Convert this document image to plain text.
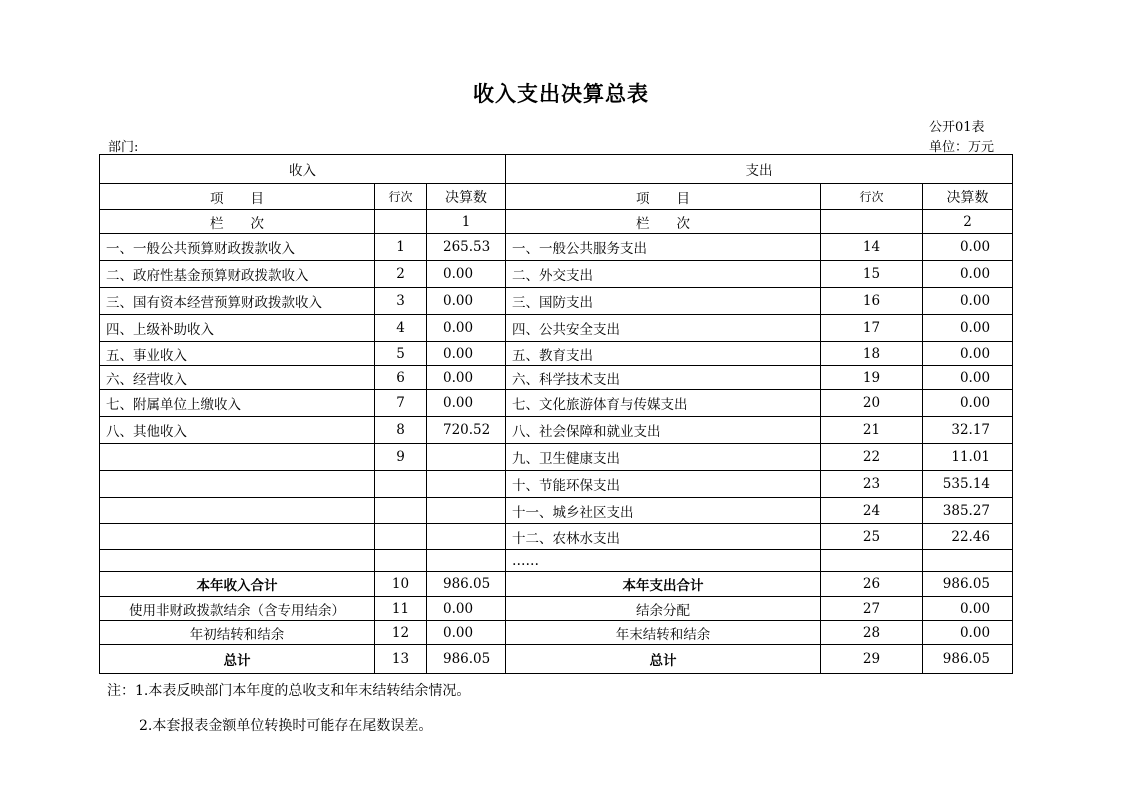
收入支出决算总表
公开01表
部门:	单位：万元
收入			支出		
项　　目	行次	决算数	项　　目	行次	决算数
栏　　次		1	栏　　次		2
一、一般公共预算财政拨款收入	1	265.53	一、一般公共服务支出	14	0.00
二、政府性基金预算财政拨款收入	2	0.00	二、外交支出	15	0.00
三、国有资本经营预算财政拨款收入	3	0.00	三、国防支出	16	0.00
四、上级补助收入	4	0.00	四、公共安全支出	17	0.00
五、事业收入	5	0.00	五、教育支出	18	0.00
六、经营收入	6	0.00	六、科学技术支出	19	0.00
七、附属单位上缴收入	7	0.00	七、文化旅游体育与传媒支出	20	0.00
八、其他收入	8	720.52	八、社会保障和就业支出	21	32.17
	9		九、卫生健康支出	22	11.01
			十、节能环保支出	23	535.14
			十一、城乡社区支出	24	385.27
			十二、农林水支出	25	22.46
			……		
本年收入合计	10	986.05	本年支出合计	26	986.05
使用非财政拨款结余（含专用结余）	11	0.00	结余分配	27	0.00
年初结转和结余	12	0.00	年末结转和结余	28	0.00
总计	13	986.05	总计	29	986.05
注：1.本表反映部门本年度的总收支和年末结转结余情况。
2.本套报表金额单位转换时可能存在尾数误差。
